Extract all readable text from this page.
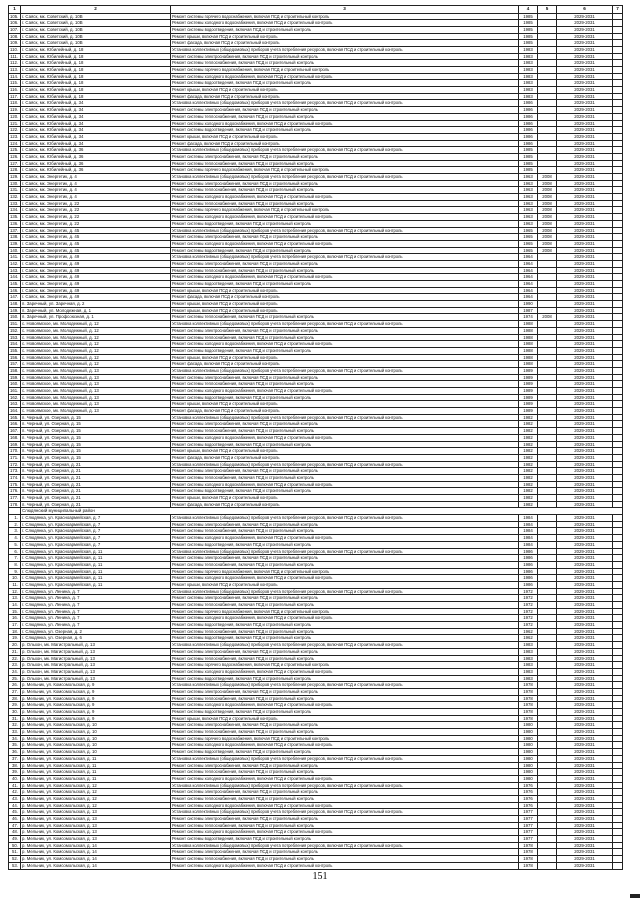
1	2	3	4	5	6	7
105.	г. Саяск, мк. Советский, д. 10В	Ремонт системы горячего водоснабжения, включая ПСД и строительный контроль	1985		2029-2031	
106.	г. Саяск, мк. Советский, д. 10В	Ремонт системы холодного водоснабжения, включая ПСД и строительный контроль	1985		2029-2031	
107.	г. Саяск, мк. Советский, д. 10В	Ремонт системы водоотведения, включая ПСД и строительный контроль	1985		2029-2031	
108.	г. Саяск, мк. Советский, д. 10В	Ремонт крыши, включая ПСД и строительный контроль	1985		2029-2031	
109.	г. Саяск, мк. Советский, д. 10В	Ремонт фасада, включая ПСД и строительный контроль	1985		2029-2031	
110.	г. Саяск, мк. Юбилейный, д. 18	Установка коллективных (общедомовых) приборов учета потребления ресурсов, включая ПСД и строительный контроль	1983		2029-2031	
111.	г. Саяск, мк. Юбилейный, д. 18	Ремонт системы электроснабжения, включая ПСД и строительный контроль	1983		2029-2031	
112.	г. Саяск, мк. Юбилейный, д. 18	Ремонт системы теплоснабжения, включая ПСД и строительный контроль	1983		2029-2031	
113.	г. Саяск, мк. Юбилейный, д. 18	Ремонт системы горячего водоснабжения, включая ПСД и строительный контроль	1983		2029-2031	
114.	г. Саяск, мк. Юбилейный, д. 18	Ремонт системы холодного водоснабжения, включая ПСД и строительный контроль	1983		2029-2031	
115.	г. Саяск, мк. Юбилейный, д. 18	Ремонт системы водоотведения, включая ПСД и строительный контроль	1983		2029-2031	
116.	г. Саяск, мк. Юбилейный, д. 18	Ремонт крыши, включая ПСД и строительный контроль	1983		2029-2031	
117.	г. Саяск, мк. Юбилейный, д. 18	Ремонт фасада, включая ПСД и строительный контроль	1983		2029-2031	
118.	г. Саяск, мк. Юбилейный, д. 34	Установка коллективных (общедомовых) приборов учета потребления ресурсов, включая ПСД и строительный контроль	1986		2029-2031	
119.	г. Саяск, мк. Юбилейный, д. 34	Ремонт системы электроснабжения, включая ПСД и строительный контроль	1986		2029-2031	
120.	г. Саяск, мк. Юбилейный, д. 34	Ремонт системы теплоснабжения, включая ПСД и строительный контроль	1986		2029-2031	
121.	г. Саяск, мк. Юбилейный, д. 34	Ремонт системы холодного водоснабжения, включая ПСД и строительный контроль	1986		2029-2031	
122.	г. Саяск, мк. Юбилейный, д. 34	Ремонт системы водоотведения, включая ПСД и строительный контроль	1986		2029-2031	
123.	г. Саяск, мк. Юбилейный, д. 34	Ремонт крыши, включая ПСД и строительный контроль	1986		2029-2031	
124.	г. Саяск, мк. Юбилейный, д. 34	Ремонт фасада, включая ПСД и строительный контроль	1986		2029-2031	
125.	г. Саяск, мк. Юбилейный, д. 36	Установка коллективных (общедомовых) приборов учета потребления ресурсов, включая ПСД и строительный контроль	1985		2029-2031	
126.	г. Саяск, мк. Юбилейный, д. 36	Ремонт системы электроснабжения, включая ПСД и строительный контроль	1985		2029-2031	
127.	г. Саяск, мк. Юбилейный, д. 36	Ремонт системы теплоснабжения, включая ПСД и строительный контроль	1985		2029-2031	
128.	г. Саяск, мк. Юбилейный, д. 36	Ремонт системы горячего водоснабжения, включая ПСД и строительный контроль	1985		2029-2031	
129.	г. Саяск, мк. Энергетик, д. 4	Установка коллективных (общедомовых) приборов учета потребления ресурсов, включая ПСД и строительный контроль	1963	2008	2029-2031	
130.	г. Саяск, мк. Энергетик, д. 4	Ремонт системы электроснабжения, включая ПСД и строительный контроль	1963	2008	2029-2031	
131.	г. Саяск, мк. Энергетик, д. 4	Ремонт системы теплоснабжения, включая ПСД и строительный контроль	1963	2008	2029-2031	
132.	г. Саяск, мк. Энергетик, д. 4	Ремонт системы холодного водоснабжения, включая ПСД и строительный контроль	1963	2008	2029-2031	
133.	г. Саяск, мк. Энергетик, д. 22	Ремонт системы теплоснабжения, включая ПСД и строительный контроль	1963	2008	2029-2031	
134.	г. Саяск, мк. Энергетик, д. 22	Ремонт системы горячего водоснабжения, включая ПСД и строительный контроль	1963	2008	2029-2031	
135.	г. Саяск, мк. Энергетик, д. 22	Ремонт системы холодного водоснабжения, включая ПСД и строительный контроль	1963	2008	2029-2031	
136.	г. Саяск, мк. Энергетик, д. 22	Ремонт системы водоотведения, включая ПСД и строительный контроль	1963	2008	2029-2031	
137.	г. Саяск, мк. Энергетик, д. 45	Установка коллективных (общедомовых) приборов учета потребления ресурсов, включая ПСД и строительный контроль	1965	2008	2029-2031	
138.	г. Саяск, мк. Энергетик, д. 45	Ремонт системы электроснабжения, включая ПСД и строительный контроль	1965	2008	2029-2031	
139.	г. Саяск, мк. Энергетик, д. 45	Ремонт системы холодного водоснабжения, включая ПСД и строительный контроль	1965	2008	2029-2031	
140.	г. Саяск, мк. Энергетик, д. 45	Ремонт системы водоотведения, включая ПСД и строительный контроль	1965	2008	2029-2031	
141.	г. Саяск, мк. Энергетик, д. 49	Установка коллективных (общедомовых) приборов учета потребления ресурсов, включая ПСД и строительный контроль	1964		2029-2031	
142.	г. Саяск, мк. Энергетик, д. 49	Ремонт системы электроснабжения, включая ПСД и строительный контроль	1964		2029-2031	
143.	г. Саяск, мк. Энергетик, д. 49	Ремонт системы теплоснабжения, включая ПСД и строительный контроль	1964		2029-2031	
144.	г. Саяск, мк. Энергетик, д. 49	Ремонт системы холодного водоснабжения, включая ПСД и строительный контроль	1964		2029-2031	
145.	г. Саяск, мк. Энергетик, д. 49	Ремонт системы водоотведения, включая ПСД и строительный контроль	1964		2029-2031	
146.	г. Саяск, мк. Энергетик, д. 49	Ремонт крыши, включая ПСД и строительный контроль	1964		2029-2031	
147.	г. Саяск, мк. Энергетик, д. 49	Ремонт фасада, включая ПСД и строительный контроль	1964		2029-2031	
148.	п. Заречный, ул. Заречная, д. 2	Ремонт крыши, включая ПСД и строительный контроль	1990		2029-2031	
149.	п. Заречный, ул. Молодежная, д. 1	Ремонт крыши, включая ПСД и строительный контроль	1987		2029-2031	
150.	п. Заречный, ул. Профсоюзная, д. 1	Ремонт системы теплоснабжения, включая ПСД и строительный контроль	1974	2008	2029-2031	
151.	с. Новоямское, мк. Молодежный, д. 12	Установка коллективных (общедомовых) приборов учета потребления ресурсов, включая ПСД и строительный контроль	1988		2029-2031	
152.	с. Новоямское, мк. Молодежный, д. 12	Ремонт системы электроснабжения, включая ПСД и строительный контроль	1988		2029-2031	
153.	с. Новоямское, мк. Молодежный, д. 12	Ремонт системы теплоснабжения, включая ПСД и строительный контроль	1988		2029-2031	
154.	с. Новоямское, мк. Молодежный, д. 12	Ремонт системы холодного водоснабжения, включая ПСД и строительный контроль	1988		2029-2031	
155.	с. Новоямское, мк. Молодежный, д. 12	Ремонт системы водоотведения, включая ПСД и строительный контроль	1988		2029-2031	
156.	с. Новоямское, мк. Молодежный, д. 12	Ремонт крыши, включая ПСД и строительный контроль	1988		2029-2031	
157.	с. Новоямское, мк. Молодежный, д. 12	Ремонт фасада, включая ПСД и строительный контроль	1988		2029-2031	
158.	с. Новоямское, мк. Молодежный, д. 13	Установка коллективных (общедомовых) приборов учета потребления ресурсов, включая ПСД и строительный контроль	1989		2029-2031	
159.	с. Новоямское, мк. Молодежный, д. 13	Ремонт системы электроснабжения, включая ПСД и строительный контроль	1989		2029-2031	
160.	с. Новоямское, мк. Молодежный, д. 13	Ремонт системы теплоснабжения, включая ПСД и строительный контроль	1989		2029-2031	
161.	с. Новоямское, мк. Молодежный, д. 13	Ремонт системы холодного водоснабжения, включая ПСД и строительный контроль	1989		2029-2031	
162.	с. Новоямское, мк. Молодежный, д. 13	Ремонт системы водоотведения, включая ПСД и строительный контроль	1989		2029-2031	
163.	с. Новоямское, мк. Молодежный, д. 13	Ремонт крыши, включая ПСД и строительный контроль	1989		2029-2031	
164.	с. Новоямское, мк. Молодежный, д. 13	Ремонт фасада, включая ПСД и строительный контроль	1989		2029-2031	
165.	п. Черный, ул. Озерная, д. 15	Установка коллективных (общедомовых) приборов учета потребления ресурсов, включая ПСД и строительный контроль	1982		2029-2031	
166.	п. Черный, ул. Озерная, д. 15	Ремонт системы электроснабжения, включая ПСД и строительный контроль	1982		2029-2031	
167.	п. Черный, ул. Озерная, д. 15	Ремонт системы теплоснабжения, включая ПСД и строительный контроль	1982		2029-2031	
168.	п. Черный, ул. Озерная, д. 15	Ремонт системы холодного водоснабжения, включая ПСД и строительный контроль	1982		2029-2031	
169.	п. Черный, ул. Озерная, д. 15	Ремонт системы водоотведения, включая ПСД и строительный контроль	1982		2029-2031	
170.	п. Черный, ул. Озерная, д. 15	Ремонт крыши, включая ПСД и строительный контроль	1982		2029-2031	
171.	п. Черный, ул. Озерная, д. 15	Ремонт фасада, включая ПСД и строительный контроль	1982		2029-2031	
172.	п. Черный, ул. Озерная, д. 21	Установка коллективных (общедомовых) приборов учета потребления ресурсов, включая ПСД и строительный контроль	1982		2029-2031	
173.	п. Черный, ул. Озерная, д. 21	Ремонт системы электроснабжения, включая ПСД и строительный контроль	1982		2029-2031	
174.	п. Черный, ул. Озерная, д. 21	Ремонт системы теплоснабжения, включая ПСД и строительный контроль	1982		2029-2031	
175.	п. Черный, ул. Озерная, д. 21	Ремонт системы холодного водоснабжения, включая ПСД и строительный контроль	1982		2029-2031	
176.	п. Черный, ул. Озерная, д. 21	Ремонт системы водоотведения, включая ПСД и строительный контроль	1982		2029-2031	
177.	п. Черный, ул. Озерная, д. 21	Ремонт крыши, включая ПСД и строительный контроль	1982		2029-2031	
178.	п. Черный, ул. Озерная, д. 21	Ремонт фасада, включая ПСД и строительный контроль	1982		2029-2031	
	Слюдянский муниципальный район					
1.	г. Слюдянка, ул. Красноармейская, д. 7	Установка коллективных (общедомовых) приборов учета потребления ресурсов, включая ПСД и строительный контроль	1984		2029-2031	
2.	г. Слюдянка, ул. Красноармейская, д. 7	Ремонт системы электроснабжения, включая ПСД и строительный контроль	1984		2029-2031	
3.	г. Слюдянка, ул. Красноармейская, д. 7	Ремонт системы теплоснабжения, включая ПСД и строительный контроль	1984		2029-2031	
4.	г. Слюдянка, ул. Красноармейская, д. 7	Ремонт системы холодного водоснабжения, включая ПСД и строительный контроль	1984		2029-2031	
5.	г. Слюдянка, ул. Красноармейская, д. 7	Ремонт системы водоотведения, включая ПСД и строительный контроль	1984		2029-2031	
6.	г. Слюдянка, ул. Красноармейская, д. 11	Установка коллективных (общедомовых) приборов учета потребления ресурсов, включая ПСД и строительный контроль	1986		2029-2031	
7.	г. Слюдянка, ул. Красноармейская, д. 11	Ремонт системы электроснабжения, включая ПСД и строительный контроль	1986		2029-2031	
8.	г. Слюдянка, ул. Красноармейская, д. 11	Ремонт системы теплоснабжения, включая ПСД и строительный контроль	1986		2029-2031	
9.	г. Слюдянка, ул. Красноармейская, д. 11	Ремонт системы горячего водоснабжения, включая ПСД и строительный контроль	1986		2029-2031	
10.	г. Слюдянка, ул. Красноармейская, д. 11	Ремонт системы холодного водоснабжения, включая ПСД и строительный контроль	1986		2029-2031	
11.	г. Слюдянка, ул. Красноармейская, д. 11	Ремонт крыши, включая ПСД и строительный контроль	1986		2029-2031	
12.	г. Слюдянка, ул. Ленина, д. 7	Установка коллективных (общедомовых) приборов учета потребления ресурсов, включая ПСД и строительный контроль	1972		2029-2031	
13.	г. Слюдянка, ул. Ленина, д. 7	Ремонт системы электроснабжения, включая ПСД и строительный контроль	1972		2029-2031	
14.	г. Слюдянка, ул. Ленина, д. 7	Ремонт системы теплоснабжения, включая ПСД и строительный контроль	1972		2029-2031	
15.	г. Слюдянка, ул. Ленина, д. 7	Ремонт системы горячего водоснабжения, включая ПСД и строительный контроль	1972		2029-2031	
16.	г. Слюдянка, ул. Ленина, д. 7	Ремонт системы холодного водоснабжения, включая ПСД и строительный контроль	1972		2029-2031	
17.	г. Слюдянка, ул. Ленина, д. 7	Ремонт системы водоотведения, включая ПСД и строительный контроль	1972		2029-2031	
18.	г. Слюдянка, ул. Озерная, д. 2	Ремонт системы теплоснабжения, включая ПСД и строительный контроль	1962		2029-2031	
19.	г. Слюдянка, ул. Озерная, д. 6	Ремонт системы водоотведения, включая ПСД и строительный контроль	1962		2029-2031	
20.	р. Ольхон, мк. Магистральный, д. 13	Установка коллективных (общедомовых) приборов учета потребления ресурсов, включая ПСД и строительный контроль	1983		2029-2031	
21.	р. Ольхон, мк. Магистральный, д. 13	Ремонт системы электроснабжения, включая ПСД и строительный контроль	1983		2029-2031	
22.	р. Ольхон, мк. Магистральный, д. 13	Ремонт системы теплоснабжения, включая ПСД и строительный контроль	1983		2029-2031	
23.	р. Ольхон, мк. Магистральный, д. 13	Ремонт системы горячего водоснабжения, включая ПСД и строительный контроль	1983		2029-2031	
24.	р. Ольхон, мк. Магистральный, д. 13	Ремонт системы холодного водоснабжения, включая ПСД и строительный контроль	1983		2029-2031	
25.	р. Ольхон, мк. Магистральный, д. 13	Ремонт системы водоотведения, включая ПСД и строительный контроль	1983		2029-2031	
26.	р. Мельник, ул. Комсомольская, д. 9	Установка коллективных (общедомовых) приборов учета потребления ресурсов, включая ПСД и строительный контроль	1978		2029-2031	
27.	р. Мельник, ул. Комсомольская, д. 9	Ремонт системы электроснабжения, включая ПСД и строительный контроль	1978		2029-2031	
28.	р. Мельник, ул. Комсомольская, д. 9	Ремонт системы теплоснабжения, включая ПСД и строительный контроль	1978		2029-2031	
29.	р. Мельник, ул. Комсомольская, д. 9	Ремонт системы холодного водоснабжения, включая ПСД и строительный контроль	1978		2029-2031	
30.	р. Мельник, ул. Комсомольская, д. 9	Ремонт системы водоотведения, включая ПСД и строительный контроль	1978		2029-2031	
31.	р. Мельник, ул. Комсомольская, д. 9	Ремонт крыши, включая ПСД и строительный контроль	1978		2029-2031	
32.	р. Мельник, ул. Комсомольская, д. 10	Ремонт системы электроснабжения, включая ПСД и строительный контроль	1980		2029-2031	
33.	р. Мельник, ул. Комсомольская, д. 10	Ремонт системы теплоснабжения, включая ПСД и строительный контроль	1980		2029-2031	
34.	р. Мельник, ул. Комсомольская, д. 10	Ремонт системы горячего водоснабжения, включая ПСД и строительный контроль	1980		2029-2031	
35.	р. Мельник, ул. Комсомольская, д. 10	Ремонт системы холодного водоснабжения, включая ПСД и строительный контроль	1980		2029-2031	
36.	р. Мельник, ул. Комсомольская, д. 10	Ремонт системы водоотведения, включая ПСД и строительный контроль	1980		2029-2031	
37.	р. Мельник, ул. Комсомольская, д. 11	Установка коллективных (общедомовых) приборов учета потребления ресурсов, включая ПСД и строительный контроль	1980		2029-2031	
38.	р. Мельник, ул. Комсомольская, д. 11	Ремонт системы электроснабжения, включая ПСД и строительный контроль	1980		2029-2031	
39.	р. Мельник, ул. Комсомольская, д. 11	Ремонт системы теплоснабжения, включая ПСД и строительный контроль	1980		2029-2031	
40.	р. Мельник, ул. Комсомольская, д. 11	Ремонт системы холодного водоснабжения, включая ПСД и строительный контроль	1980		2029-2031	
41.	р. Мельник, ул. Комсомольская, д. 12	Установка коллективных (общедомовых) приборов учета потребления ресурсов, включая ПСД и строительный контроль	1976		2029-2031	
42.	р. Мельник, ул. Комсомольская, д. 12	Ремонт системы электроснабжения, включая ПСД и строительный контроль	1976		2029-2031	
43.	р. Мельник, ул. Комсомольская, д. 12	Ремонт системы теплоснабжения, включая ПСД и строительный контроль	1976		2029-2031	
44.	р. Мельник, ул. Комсомольская, д. 12	Ремонт системы холодного водоснабжения, включая ПСД и строительный контроль	1976		2029-2031	
45.	р. Мельник, ул. Комсомольская, д. 13	Установка коллективных (общедомовых) приборов учета потребления ресурсов, включая ПСД и строительный контроль	1977		2029-2031	
46.	р. Мельник, ул. Комсомольская, д. 13	Ремонт системы электроснабжения, включая ПСД и строительный контроль	1977		2029-2031	
47.	р. Мельник, ул. Комсомольская, д. 13	Ремонт системы теплоснабжения, включая ПСД и строительный контроль	1977		2029-2031	
48.	р. Мельник, ул. Комсомольская, д. 13	Ремонт системы холодного водоснабжения, включая ПСД и строительный контроль	1977		2029-2031	
49.	р. Мельник, ул. Комсомольская, д. 13	Ремонт системы водоотведения, включая ПСД и строительный контроль	1977		2029-2031	
50.	р. Мельник, ул. Комсомольская, д. 14	Установка коллективных (общедомовых) приборов учета потребления ресурсов, включая ПСД и строительный контроль	1978		2029-2031	
51.	р. Мельник, ул. Комсомольская, д. 14	Ремонт системы электроснабжения, включая ПСД и строительный контроль	1978		2029-2031	
52.	р. Мельник, ул. Комсомольская, д. 14	Ремонт системы теплоснабжения, включая ПСД и строительный контроль	1978		2029-2031	
53.	р. Мельник, ул. Комсомольская, д. 14	Ремонт системы холодного водоснабжения, включая ПСД и строительный контроль	1978		2029-2031	
151
